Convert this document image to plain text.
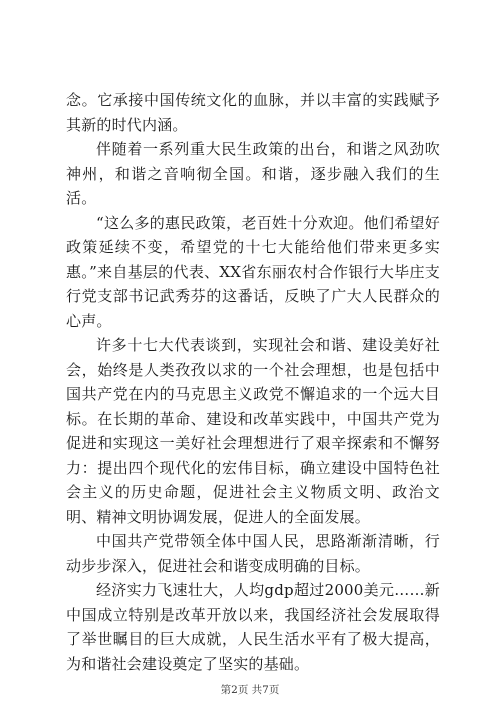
念。它承接中国传统文化的血脉，并以丰富的实践赋予其新的时代内涵。

伴随着一系列重大民生政策的出台，和谐之风劲吹神州，和谐之音响彻全国。和谐，逐步融入我们的生活。

“这么多的惠民政策，老百姓十分欢迎。他们希望好政策延续不变，希望党的十七大能给他们带来更多实惠。”来自基层的代表、XX省东丽农村合作银行大毕庄支行党支部书记武秀芬的这番话，反映了广大人民群众的心声。

许多十七大代表谈到，实现社会和谐、建设美好社会，始终是人类孜孜以求的一个社会理想，也是包括中国共产党在内的马克思主义政党不懈追求的一个远大目标。在长期的革命、建设和改革实践中，中国共产党为促进和实现这一美好社会理想进行了艰辛探索和不懈努力：提出四个现代化的宏伟目标，确立建设中国特色社会主义的历史命题，促进社会主义物质文明、政治文明、精神文明协调发展，促进人的全面发展。

中国共产党带领全体中国人民，思路渐渐清晰，行动步步深入，促进社会和谐变成明确的目标。

经济实力飞速壮大，人均gdp超过2000美元……新中国成立特别是改革开放以来，我国经济社会发展取得了举世瞩目的巨大成就，人民生活水平有了极大提高，为和谐社会建设奠定了坚实的基础。

第2页 共7页
